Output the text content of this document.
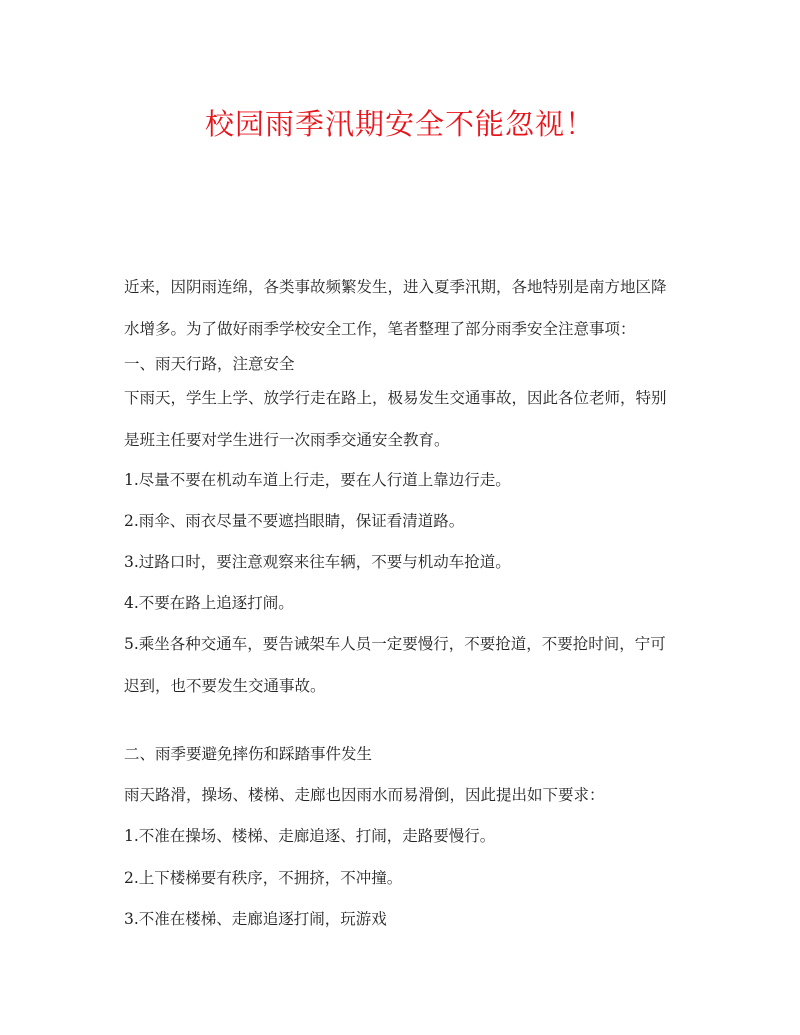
校园雨季汛期安全不能忽视！
近来，因阴雨连绵，各类事故频繁发生，进入夏季汛期，各地特别是南方地区降
水增多。为了做好雨季学校安全工作，笔者整理了部分雨季安全注意事项：
一、雨天行路，注意安全
下雨天，学生上学、放学行走在路上，极易发生交通事故，因此各位老师，特别
是班主任要对学生进行一次雨季交通安全教育。
1.尽量不要在机动车道上行走，要在人行道上靠边行走。
2.雨伞、雨衣尽量不要遮挡眼睛，保证看清道路。
3.过路口时，要注意观察来往车辆，不要与机动车抢道。
4.不要在路上追逐打闹。
5.乘坐各种交通车，要告诫架车人员一定要慢行，不要抢道，不要抢时间，宁可
迟到，也不要发生交通事故。
二、雨季要避免摔伤和踩踏事件发生
雨天路滑，操场、楼梯、走廊也因雨水而易滑倒，因此提出如下要求：
1.不准在操场、楼梯、走廊追逐、打闹，走路要慢行。
2.上下楼梯要有秩序，不拥挤，不冲撞。
3.不准在楼梯、走廊追逐打闹，玩游戏
